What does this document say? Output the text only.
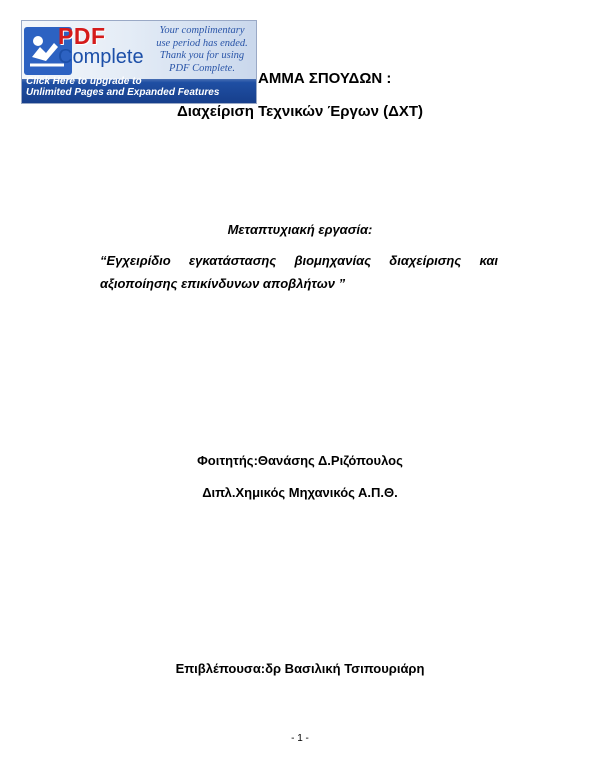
PDF
Complete
Your complimentary
use period has ended.
Thank you for using
PDF Complete.
Click Here to upgrade to
Unlimited Pages and Expanded Features
ΑΜΜΑ ΣΠΟΥΔΩΝ :
Διαχείριση Τεχνικών Έργων (ΔΧΤ)
Μεταπτυχιακή εργασία:
“Εγχειρίδιο εγκατάστασης βιομηχανίας διαχείρισης και
αξιοποίησης επικίνδυνων αποβλήτων ”
Φοιτητής:Θανάσης Δ.Ριζόπουλος
Διπλ.Χημικός Μηχανικός Α.Π.Θ.
Επιβλέπουσα:δρ Βασιλική Τσιπουριάρη
- 1 -
